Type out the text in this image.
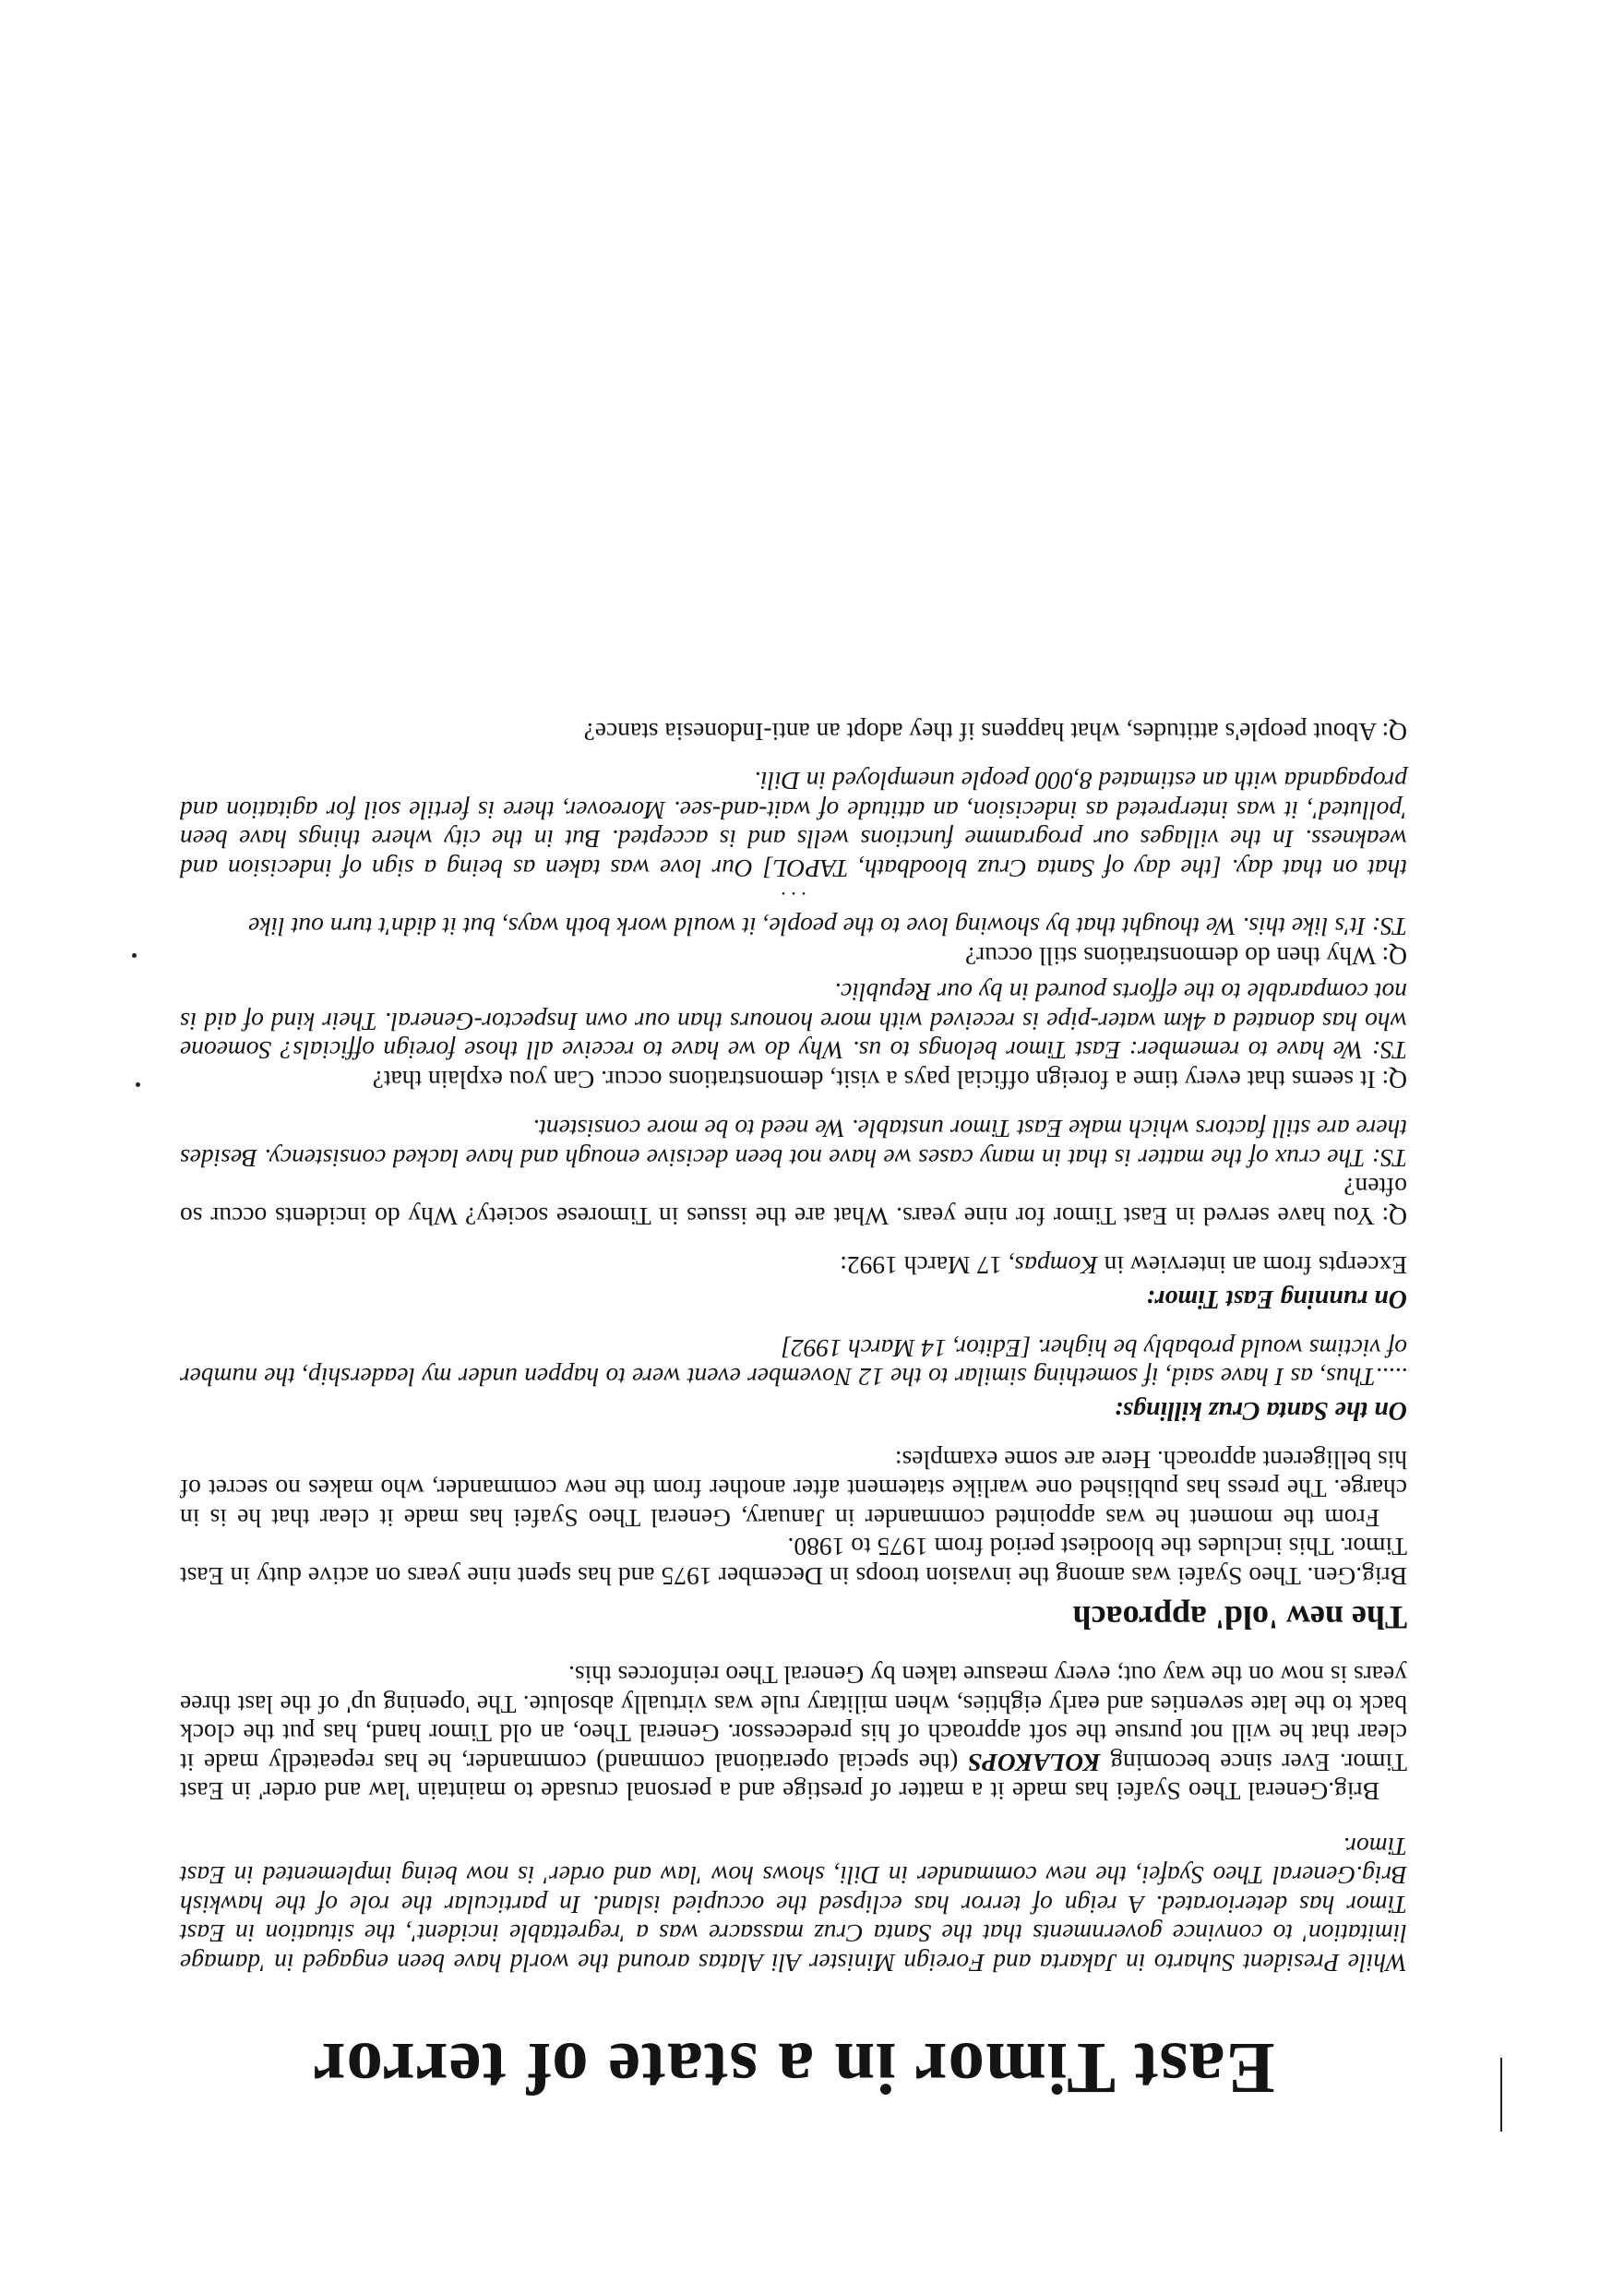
East Timor in a state of terror

While President Suharto in Jakarta and Foreign Minister Ali Alatas around the world have been engaged in 'damage limitation' to convince governments that the Santa Cruz massacre was a 'regrettable incident', the situation in East Timor has deteriorated. A reign of terror has eclipsed the occupied island. In particular the role of the hawkish Brig.General Theo Syafei, the new commander in Dili, shows how 'law and order' is now being implemented in East Timor.

Brig.General Theo Syafei has made it a matter of prestige and a personal crusade to maintain 'law and order' in East Timor. Ever since becoming KOLAKOPS (the special operational command) commander, he has repeatedly made it clear that he will not pursue the soft approach of his predecessor. General Theo, an old Timor hand, has put the clock back to the late seventies and early eighties, when military rule was virtually absolute. The 'opening up' of the last three years is now on the way out; every measure taken by General Theo reinforces this.

The new 'old' approach

Brig.Gen. Theo Syafei was among the invasion troops in December 1975 and has spent nine years on active duty in East Timor. This includes the bloodiest period from 1975 to 1980.

From the moment he was appointed commander in January, General Theo Syafei has made it clear that he is in charge. The press has published one warlike statement after another from the new commander, who makes no secret of his belligerent approach. Here are some examples:

On the Santa Cruz killings:

.....Thus, as I have said, if something similar to the 12 November event were to happen under my leadership, the number of victims would probably be higher. [Editor, 14 March 1992]

On running East Timor:

Excerpts from an interview in Kompas, 17 March 1992:

Q: You have served in East Timor for nine years. What are the issues in Timorese society? Why do incidents occur so often?

TS: The crux of the matter is that in many cases we have not been decisive enough and have lacked consistency. Besides there are still factors which make East Timor unstable. We need to be more consistent.

Q: It seems that every time a foreign official pays a visit, demonstrations occur. Can you explain that?

TS: We have to remember: East Timor belongs to us. Why do we have to receive all those foreign officials? Someone who has donated a 4km water-pipe is received with more honours than our own Inspector-General. Their kind of aid is not comparable to the efforts poured in by our Republic.

Q: Why then do demonstrations still occur?

TS: It's like this. We thought that by showing love to the people, it would work both ways, but it didn't turn out like

. . .

that on that day. [the day of Santa Cruz bloodbath, TAPOL] Our love was taken as being a sign of indecision and weakness. In the villages our programme functions wells and is accepted. But in the city where things have been 'polluted', it was interpreted as indecision, an attitude of wait-and-see. Moreover, there is fertile soil for agitation and propaganda with an estimated 8,000 people unemployed in Dili.

Q: About people's attitudes, what happens if they adopt an anti-Indonesia stance?
